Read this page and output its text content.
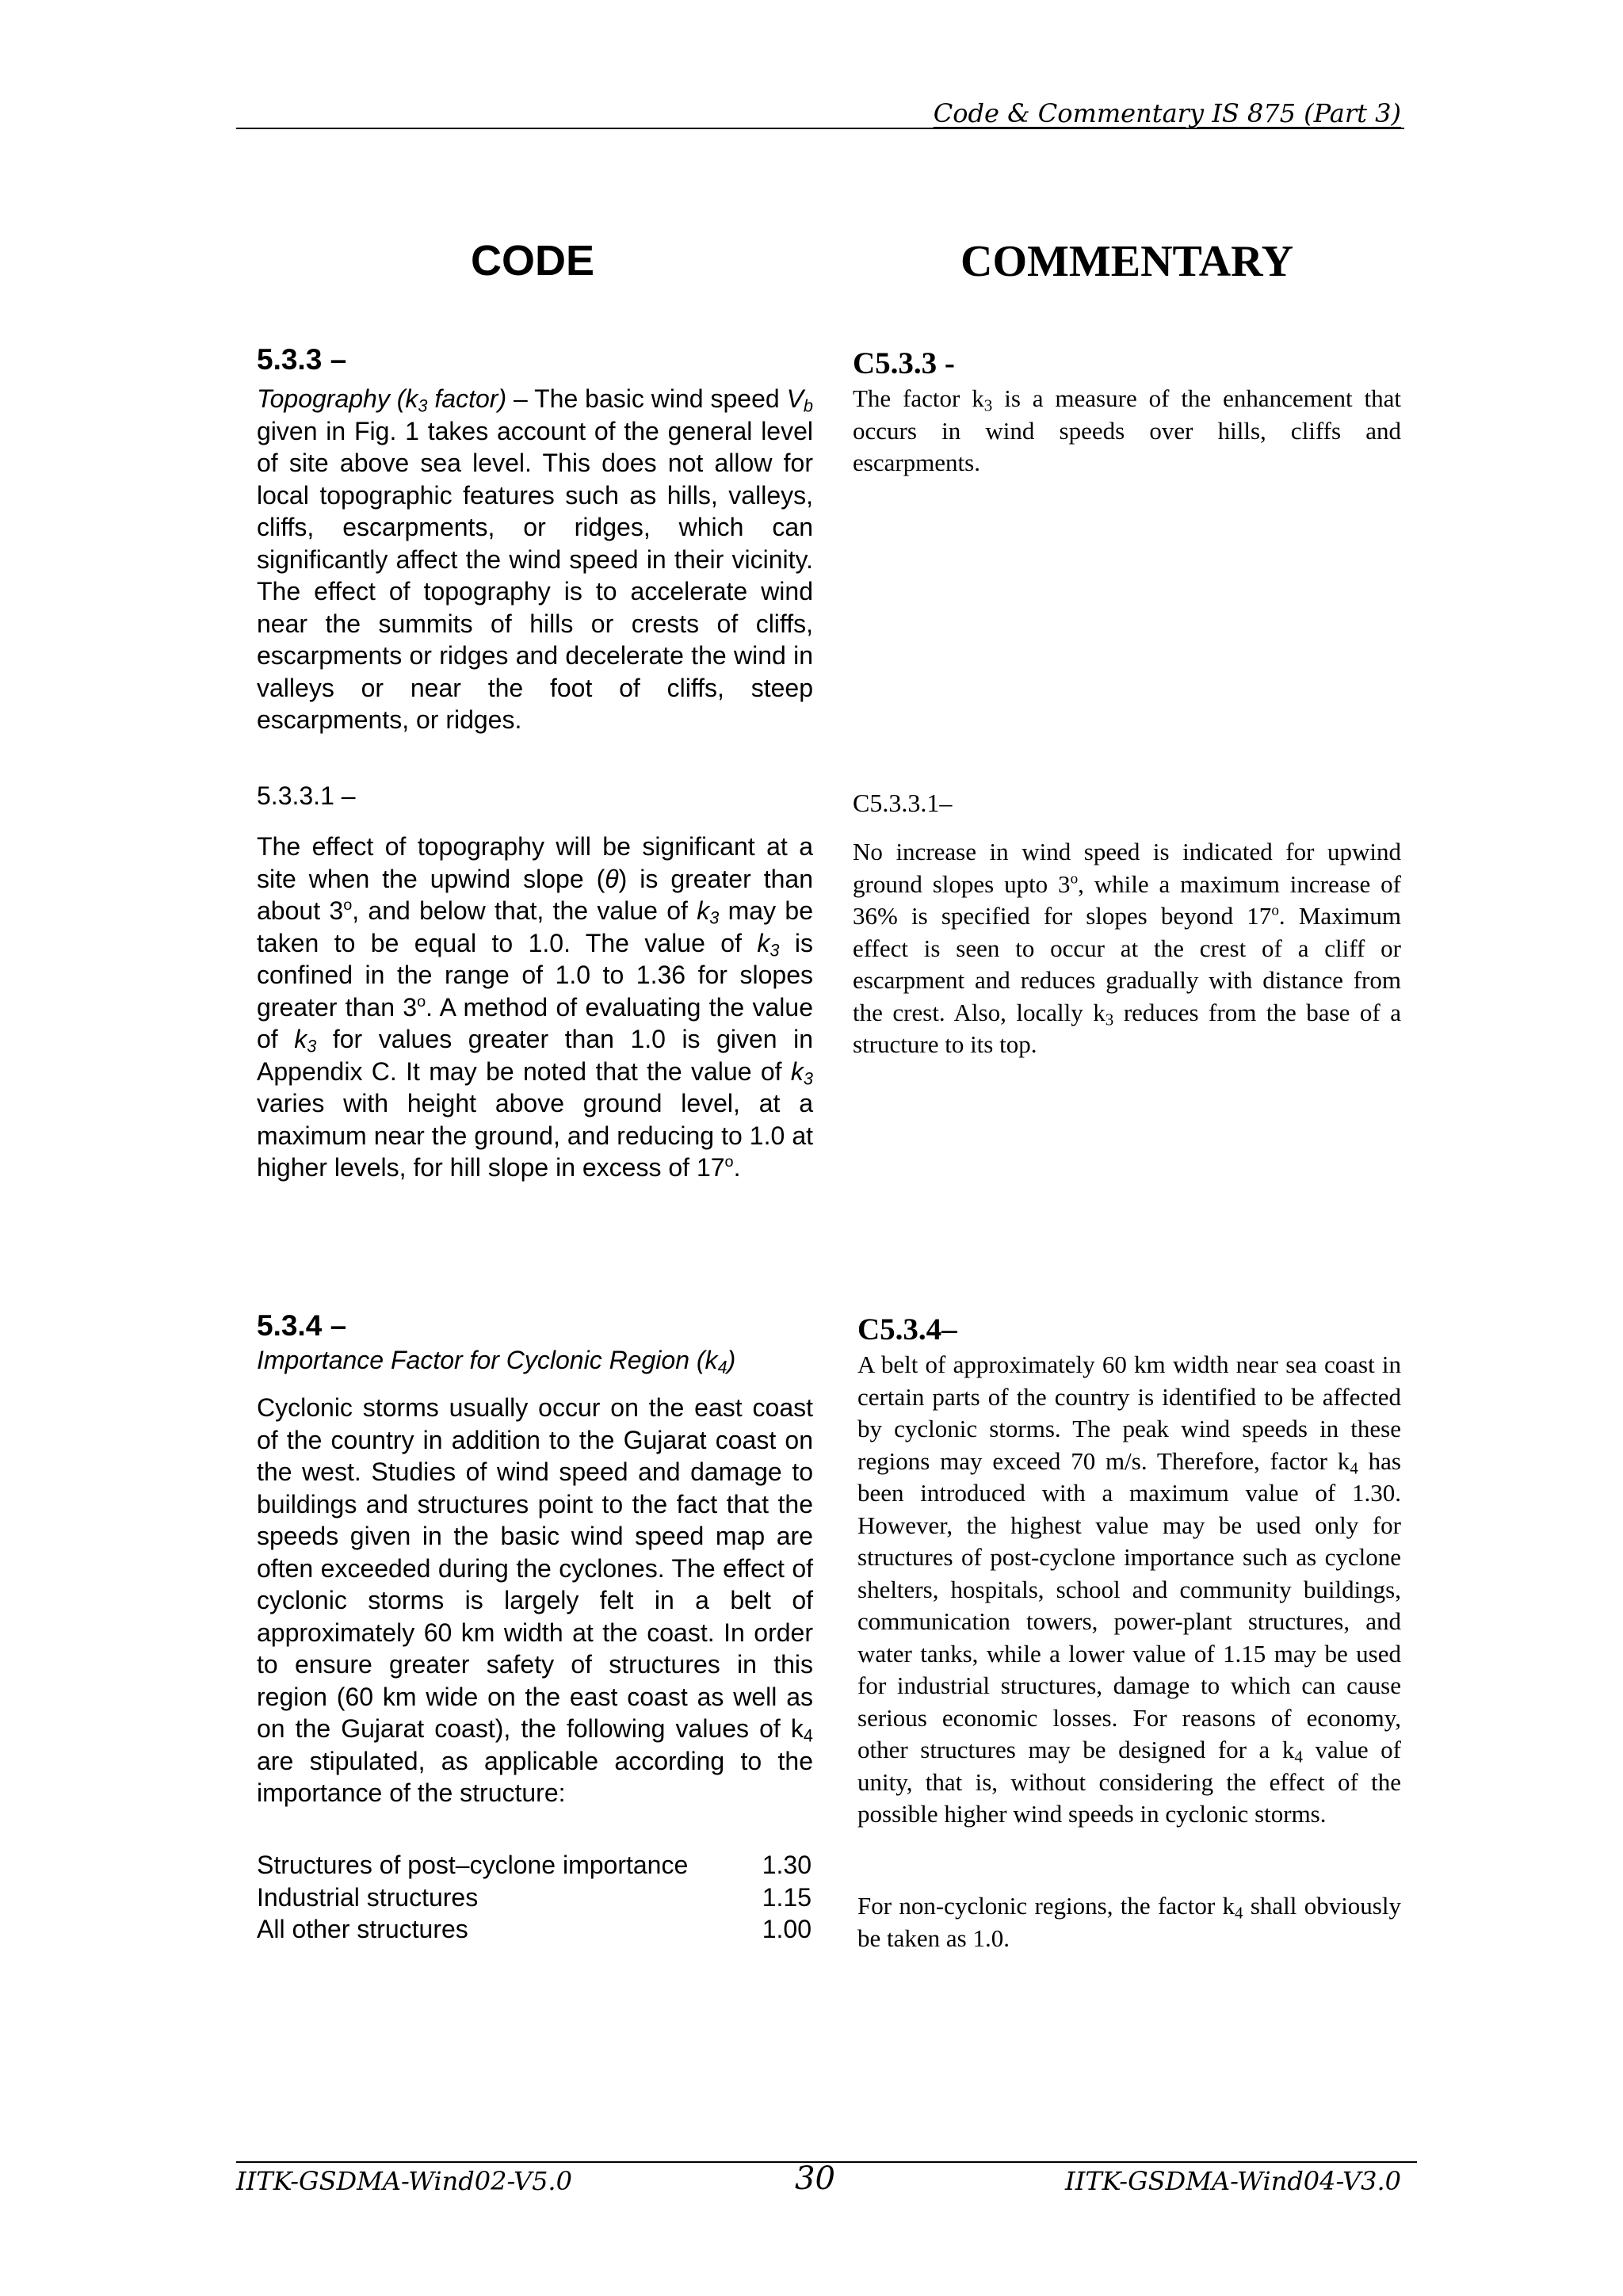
Code & Commentary IS 875 (Part 3)
CODE	COMMENTARY
5.3.3 –
Topography ($k_3$ factor) – The basic wind speed $V_b$ given in Fig. 1 takes account of the general level of site above sea level. This does not allow for local topographic features such as hills, valleys, cliffs, escarpments, or ridges, which can significantly affect the wind speed in their vicinity. The effect of topography is to accelerate wind near the summits of hills or crests of cliffs, escarpments or ridges and decelerate the wind in valleys or near the foot of cliffs, steep escarpments, or ridges.
5.3.3.1 –
The effect of topography will be significant at a site when the upwind slope (θ) is greater than about 3$^o$, and below that, the value of $k_3$ may be taken to be equal to 1.0. The value of $k_3$ is confined in the range of 1.0 to 1.36 for slopes greater than 3$^o$. A method of evaluating the value of $k_3$ for values greater than 1.0 is given in Appendix C. It may be noted that the value of $k_3$ varies with height above ground level, at a maximum near the ground, and reducing to 1.0 at higher levels, for hill slope in excess of 17$^o$.
5.3.4 –
Importance Factor for Cyclonic Region $(k_4)$
Cyclonic storms usually occur on the east coast of the country in addition to the Gujarat coast on the west. Studies of wind speed and damage to buildings and structures point to the fact that the speeds given in the basic wind speed map are often exceeded during the cyclones. The effect of cyclonic storms is largely felt in a belt of approximately 60 km width at the coast. In order to ensure greater safety of structures in this region (60 km wide on the east coast as well as on the Gujarat coast), the following values of $k_4$ are stipulated, as applicable according to the importance of the structure:
Structures of post–cyclone importance	1.30
Industrial structures	1.15
All other structures	1.00
C5.3.3 -
The factor $k_3$ is a measure of the enhancement that occurs in wind speeds over hills, cliffs and escarpments.
C5.3.3.1–
No increase in wind speed is indicated for upwind ground slopes upto 3$^o$, while a maximum increase of 36% is specified for slopes beyond 17$^o$. Maximum effect is seen to occur at the crest of a cliff or escarpment and reduces gradually with distance from the crest. Also, locally $k_3$ reduces from the base of a structure to its top.
C5.3.4–
A belt of approximately 60 km width near sea coast in certain parts of the country is identified to be affected by cyclonic storms. The peak wind speeds in these regions may exceed 70 m/s. Therefore, factor $k_4$ has been introduced with a maximum value of 1.30. However, the highest value may be used only for structures of post-cyclone importance such as cyclone shelters, hospitals, school and community buildings, communication towers, power-plant structures, and water tanks, while a lower value of 1.15 may be used for industrial structures, damage to which can cause serious economic losses. For reasons of economy, other structures may be designed for a $k_4$ value of unity, that is, without considering the effect of the possible higher wind speeds in cyclonic storms.
For non-cyclonic regions, the factor $k_4$ shall obviously be taken as 1.0.
IITK-GSDMA-Wind02-V5.0	30	IITK-GSDMA-Wind04-V3.0
